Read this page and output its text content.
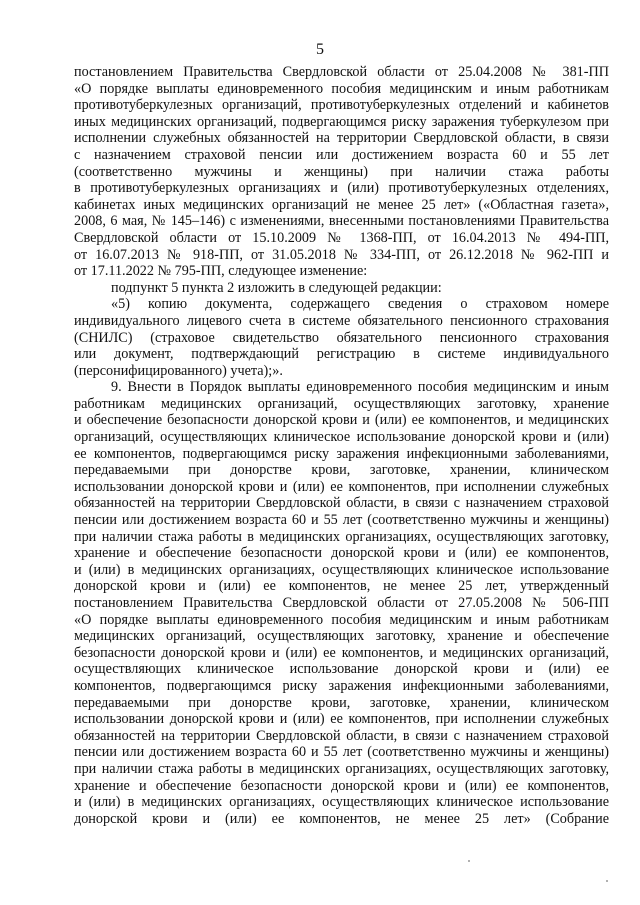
5
постановлением Правительства Свердловской области от 25.04.2008 № 381-ПП
«О порядке выплаты единовременного пособия медицинским и иным работникам
противотуберкулезных организаций, противотуберкулезных отделений и кабинетов
иных медицинских организаций, подвергающимся риску заражения туберкулезом при
исполнении служебных обязанностей на территории Свердловской области, в связи
с назначением страховой пенсии или достижением возраста 60 и 55 лет
(соответственно мужчины и женщины) при наличии стажа работы
в противотуберкулезных организациях и (или) противотуберкулезных отделениях,
кабинетах иных медицинских организаций не менее 25 лет» («Областная газета»,
2008, 6 мая, № 145–146) с изменениями, внесенными постановлениями Правительства
Свердловской области от 15.10.2009 № 1368-ПП, от 16.04.2013 № 494-ПП,
от 16.07.2013 № 918-ПП, от 31.05.2018 № 334-ПП, от 26.12.2018 № 962-ПП и
от 17.11.2022 № 795-ПП, следующее изменение:
подпункт 5 пункта 2 изложить в следующей редакции:
«5) копию документа, содержащего сведения о страховом номере
индивидуального лицевого счета в системе обязательного пенсионного страхования
(СНИЛС) (страховое свидетельство обязательного пенсионного страхования
или документ, подтверждающий регистрацию в системе индивидуального
(персонифицированного) учета);».
9. Внести в Порядок выплаты единовременного пособия медицинским и иным
работникам медицинских организаций, осуществляющих заготовку, хранение
и обеспечение безопасности донорской крови и (или) ее компонентов, и медицинских
организаций, осуществляющих клиническое использование донорской крови и (или)
ее компонентов, подвергающимся риску заражения инфекционными заболеваниями,
передаваемыми при донорстве крови, заготовке, хранении, клиническом
использовании донорской крови и (или) ее компонентов, при исполнении служебных
обязанностей на территории Свердловской области, в связи с назначением страховой
пенсии или достижением возраста 60 и 55 лет (соответственно мужчины и женщины)
при наличии стажа работы в медицинских организациях, осуществляющих заготовку,
хранение и обеспечение безопасности донорской крови и (или) ее компонентов,
и (или) в медицинских организациях, осуществляющих клиническое использование
донорской крови и (или) ее компонентов, не менее 25 лет, утвержденный
постановлением Правительства Свердловской области от 27.05.2008 № 506-ПП
«О порядке выплаты единовременного пособия медицинским и иным работникам
медицинских организаций, осуществляющих заготовку, хранение и обеспечение
безопасности донорской крови и (или) ее компонентов, и медицинских организаций,
осуществляющих клиническое использование донорской крови и (или) ее
компонентов, подвергающимся риску заражения инфекционными заболеваниями,
передаваемыми при донорстве крови, заготовке, хранении, клиническом
использовании донорской крови и (или) ее компонентов, при исполнении служебных
обязанностей на территории Свердловской области, в связи с назначением страховой
пенсии или достижением возраста 60 и 55 лет (соответственно мужчины и женщины)
при наличии стажа работы в медицинских организациях, осуществляющих заготовку,
хранение и обеспечение безопасности донорской крови и (или) ее компонентов,
и (или) в медицинских организациях, осуществляющих клиническое использование
донорской крови и (или) ее компонентов, не менее 25 лет» (Собрание
